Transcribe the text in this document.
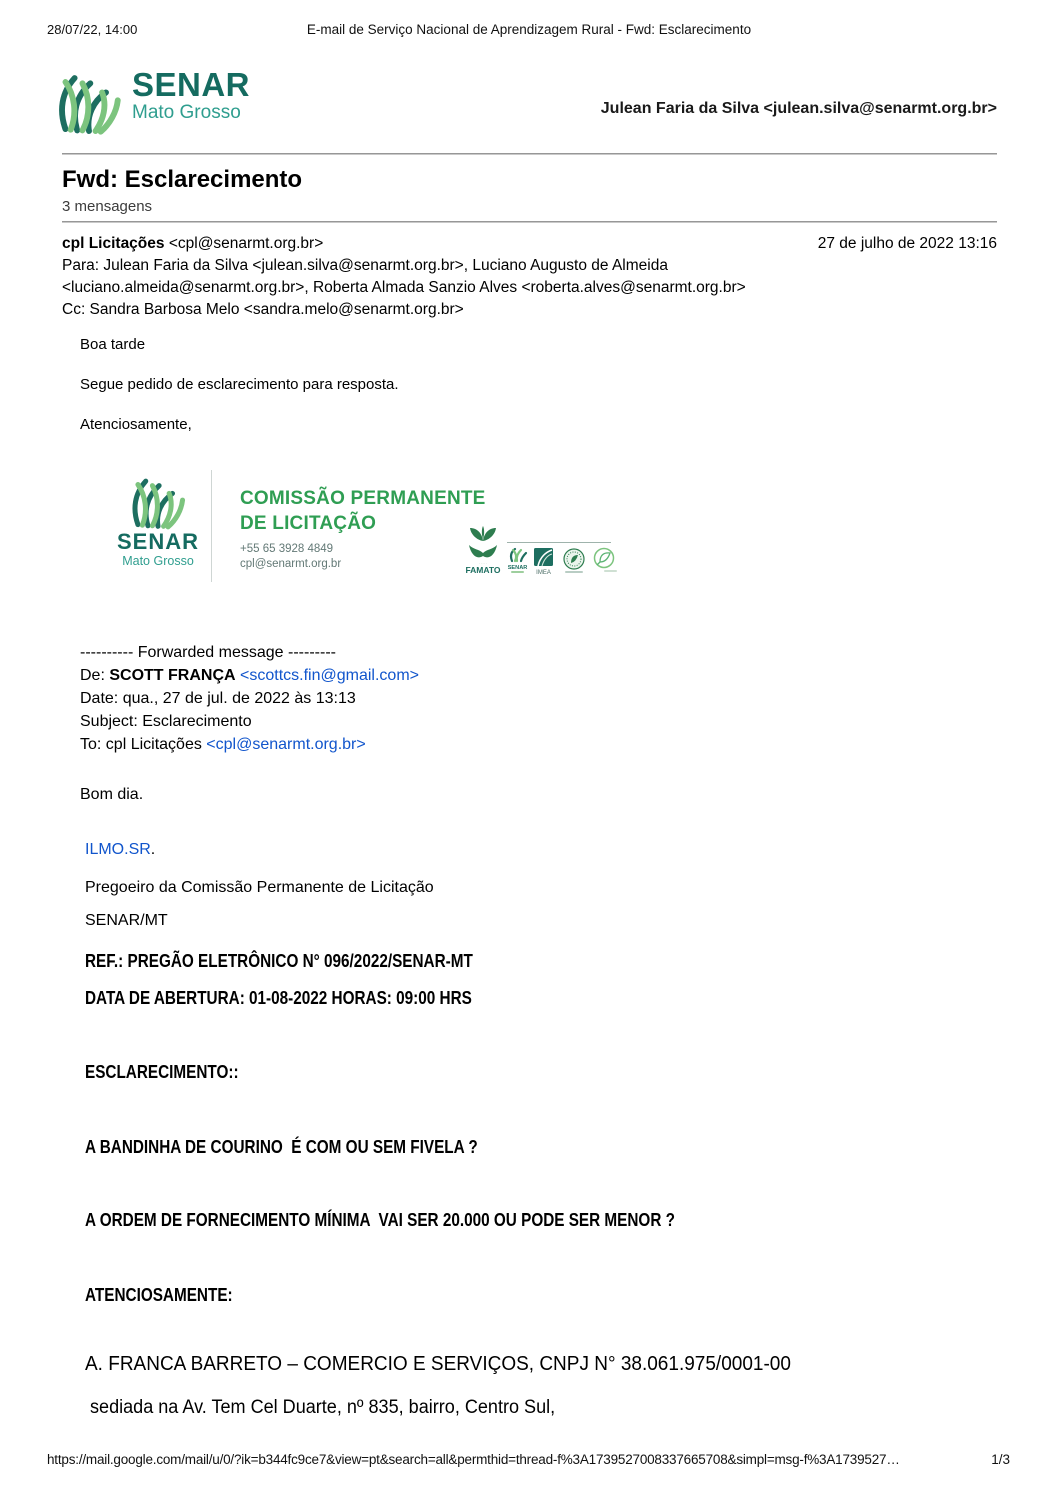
28/07/22, 14:00	E-mail de Serviço Nacional de Aprendizagem Rural - Fwd: Esclarecimento
SENAR
Mato Grosso	Julean Faria da Silva <julean.silva@senarmt.org.br>
Fwd: Esclarecimento
3 mensagens
cpl Licitações <cpl@senarmt.org.br>
Para: Julean Faria da Silva <julean.silva@senarmt.org.br>, Luciano Augusto de Almeida
<luciano.almeida@senarmt.org.br>, Roberta Almada Sanzio Alves <roberta.alves@senarmt.org.br>
Cc: Sandra Barbosa Melo <sandra.melo@senarmt.org.br>
27 de julho de 2022 13:16
Boa tarde
Segue pedido de esclarecimento para resposta.
Atenciosamente,
SENAR
Mato Grosso
COMISSÃO PERMANENTE
DE LICITAÇÃO
+55 65 3928 4849
cpl@senarmt.org.br	. . . . .
FAMATO SENAR
IMEA
---------- Forwarded message ---------
De: SCOTT FRANÇA <scottcs.fin@gmail.com>
Date: qua., 27 de jul. de 2022 às 13:13
Subject: Esclarecimento
To: cpl Licitações <cpl@senarmt.org.br>
Bom dia.
ILMO.SR.
Pregoeiro da Comissão Permanente de Licitação
SENAR/MT
REF.: PREGÃO ELETRÔNICO N° 096/2022/SENAR-MT
DATA DE ABERTURA: 01-08-2022 HORAS: 09:00 HRS
ESCLARECIMENTO::
A BANDINHA DE COURINO  É COM OU SEM FIVELA ?
A ORDEM DE FORNECIMENTO MÍNIMA  VAI SER 20.000 OU PODE SER MENOR ?
ATENCIOSAMENTE:
A. FRANCA BARRETO – COMERCIO E SERVIÇOS, CNPJ N° 38.061.975/0001-00
sediada na Av. Tem Cel Duarte, nº 835, bairro, Centro Sul,
https://mail.google.com/mail/u/0/?ik=b344fc9ce7&view=pt&search=all&permthid=thread-f%3A1739527008337665708&simpl=msg-f%3A1739527…	1/3
